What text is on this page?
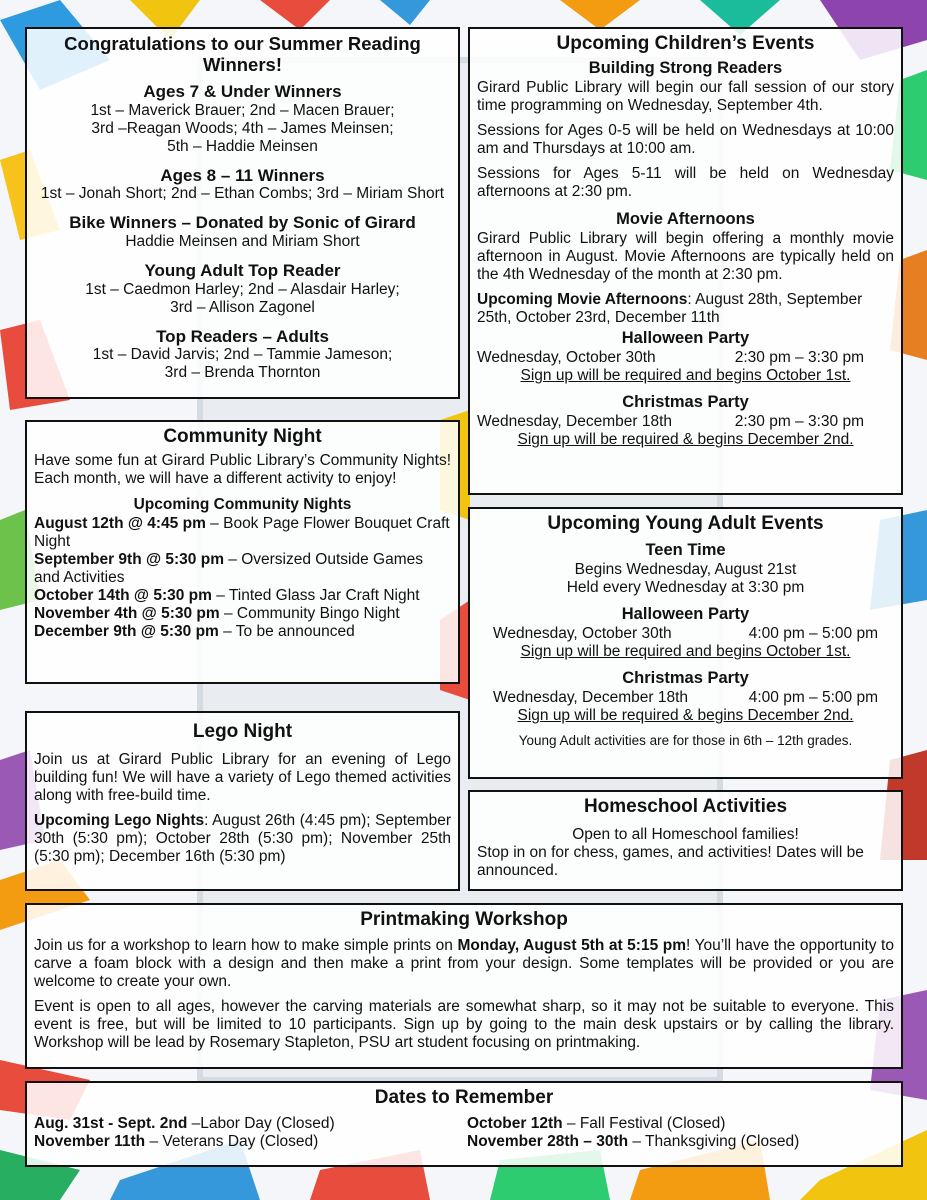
Congratulations to our Summer Reading Winners!
Ages 7 & Under Winners

1st – Maverick Brauer; 2nd – Macen Brauer;

3rd –Reagan Woods; 4th – James Meinsen;

5th – Haddie Meinsen

Ages 8 – 11 Winners

1st – Jonah Short; 2nd – Ethan Combs; 3rd – Miriam Short

Bike Winners – Donated by Sonic of Girard

Haddie Meinsen and Miriam Short

Young Adult Top Reader

1st – Caedmon Harley; 2nd – Alasdair Harley;

3rd – Allison Zagonel

Top Readers – Adults

1st – David Jarvis; 2nd – Tammie Jameson;

3rd – Brenda Thornton

Upcoming Children’s Events
Building Strong Readers

Girard Public Library will begin our fall session of our story time programming on Wednesday, September 4th.

Sessions for Ages 0-5 will be held on Wednesdays at 10:00 am and Thursdays at 10:00 am.

Sessions for Ages 5-11 will be held on Wednesday afternoons at 2:30 pm.

Movie Afternoons

Girard Public Library will begin offering a monthly movie afternoon in August. Movie Afternoons are typically held on the 4th Wednesday of the month at 2:30 pm.

Upcoming Movie Afternoons: August 28th, September 25th, October 23rd, December 11th

Halloween Party
Wednesday, October 30th	2:30 pm – 3:30 pm

Sign up will be required and begins October 1st.

Christmas Party
Wednesday, December 18th	2:30 pm – 3:30 pm

Sign up will be required & begins December 2nd.

Community Night

Have some fun at Girard Public Library’s Community Nights! Each month, we will have a different activity to enjoy!

Upcoming Community Nights

August 12th @ 4:45 pm – Book Page Flower Bouquet Craft Night

September 9th @ 5:30 pm – Oversized Outside Games and Activities

October 14th @ 5:30 pm – Tinted Glass Jar Craft Night

November 4th @ 5:30 pm – Community Bingo Night

December 9th @ 5:30 pm – To be announced

Upcoming Young Adult Events
Teen Time

Begins Wednesday, August 21st

Held every Wednesday at 3:30 pm

Halloween Party
Wednesday, October 30th	4:00 pm – 5:00 pm

Sign up will be required and begins October 1st.

Christmas Party
Wednesday, December 18th	4:00 pm – 5:00 pm

Sign up will be required & begins December 2nd.

Young Adult activities are for those in 6th – 12th grades.

Lego Night

Join us at Girard Public Library for an evening of Lego building fun! We will have a variety of Lego themed activities along with free-build time.

Upcoming Lego Nights: August 26th (4:45 pm); September 30th (5:30 pm); October 28th (5:30 pm); November 25th (5:30 pm); December 16th (5:30 pm)

Homeschool Activities

Open to all Homeschool families!

Stop in on for chess, games, and activities! Dates will be announced.

Printmaking Workshop

Join us for a workshop to learn how to make simple prints on Monday, August 5th at 5:15 pm! You’ll have the opportunity to carve a foam block with a design and then make a print from your design. Some templates will be provided or you are welcome to create your own.

Event is open to all ages, however the carving materials are somewhat sharp, so it may not be suitable to everyone. This event is free, but will be limited to 10 participants. Sign up by going to the main desk upstairs or by calling the library. Workshop will be lead by Rosemary Stapleton, PSU art student focusing on printmaking.

Dates to Remember

Aug. 31st - Sept. 2nd –Labor Day (Closed)

November 11th – Veterans Day (Closed)

October 12th – Fall Festival (Closed)

November 28th – 30th – Thanksgiving (Closed)
